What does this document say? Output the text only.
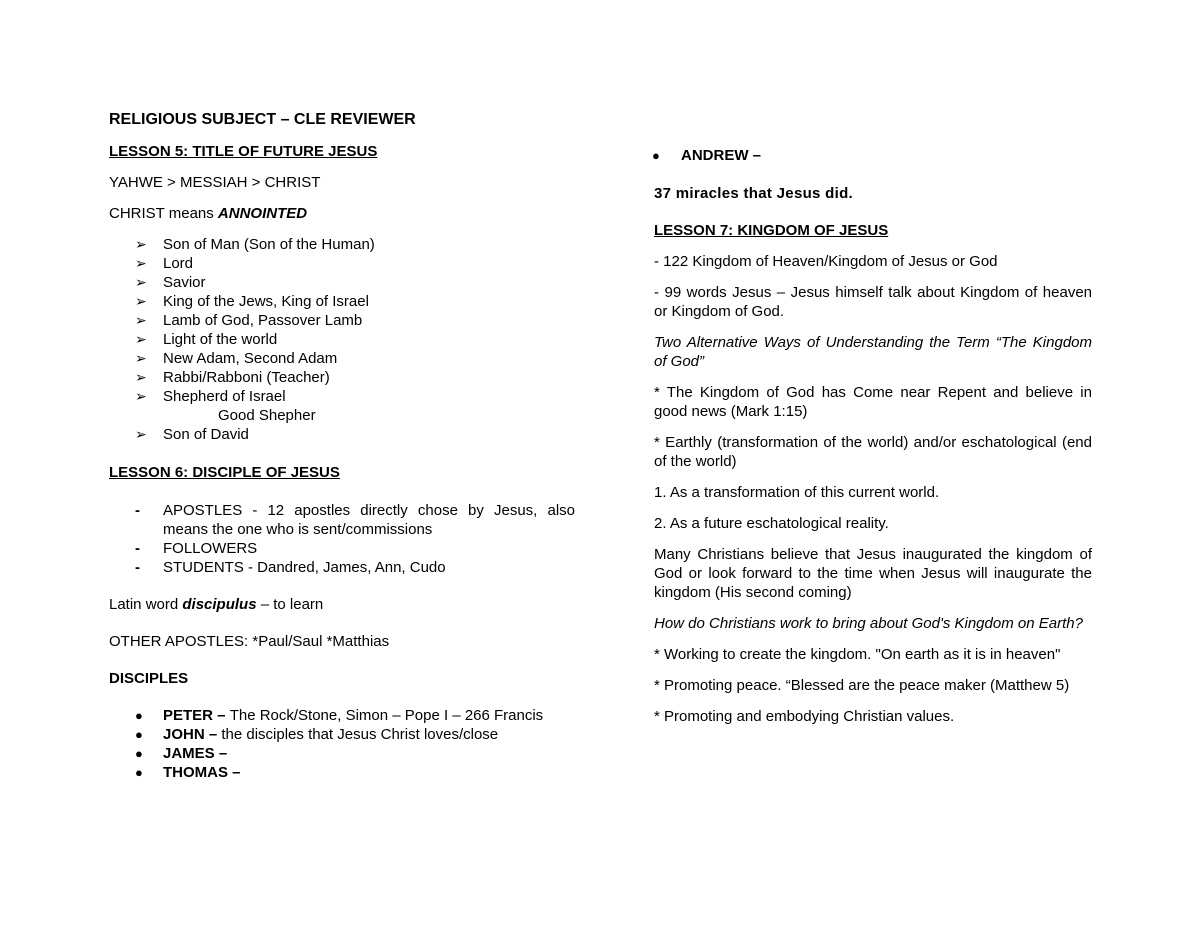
RELIGIOUS SUBJECT – CLE REVIEWER

LESSON 5: TITLE OF FUTURE JESUS

YAHWE > MESSIAH > CHRIST

CHRIST means ANNOINTED

➢	Son of Man (Son of the Human)
➢	Lord
➢	Savior
➢	King of the Jews, King of Israel
➢	Lamb of God, Passover Lamb
➢	Light of the world
➢	New Adam, Second Adam
➢	Rabbi/Rabboni (Teacher)
➢	Shepherd of Israel
Good Shepher
➢	Son of David

LESSON 6: DISCIPLE OF JESUS

-	APOSTLES - 12 apostles directly chose by Jesus, also means the one who is sent/commissions
-	FOLLOWERS
-	STUDENTS - Dandred, James, Ann, Cudo

Latin word discipulus – to learn

OTHER APOSTLES: *Paul/Saul *Matthias

DISCIPLES

●	PETER – The Rock/Stone, Simon – Pope I – 266 Francis
●	JOHN – the disciples that Jesus Christ loves/close
●	JAMES –
●	THOMAS –
●	ANDREW –

37 miracles that Jesus did.

LESSON 7: KINGDOM OF JESUS

- 122 Kingdom of Heaven/Kingdom of Jesus or God

- 99 words Jesus – Jesus himself talk about Kingdom of heaven or Kingdom of God.

Two Alternative Ways of Understanding the Term “The Kingdom of God”

* The Kingdom of God has Come near Repent and believe in good news (Mark 1:15)

* Earthly (transformation of the world) and/or eschatological (end of the world)

1. As a transformation of this current world.

2. As a future eschatological reality.

Many Christians believe that Jesus inaugurated the kingdom of God or look forward to the time when Jesus will inaugurate the kingdom (His second coming)

How do Christians work to bring about God's Kingdom on Earth?

* Working to create the kingdom. "On earth as it is in heaven"

* Promoting peace. “Blessed are the peace maker (Matthew 5)

* Promoting and embodying Christian values.
